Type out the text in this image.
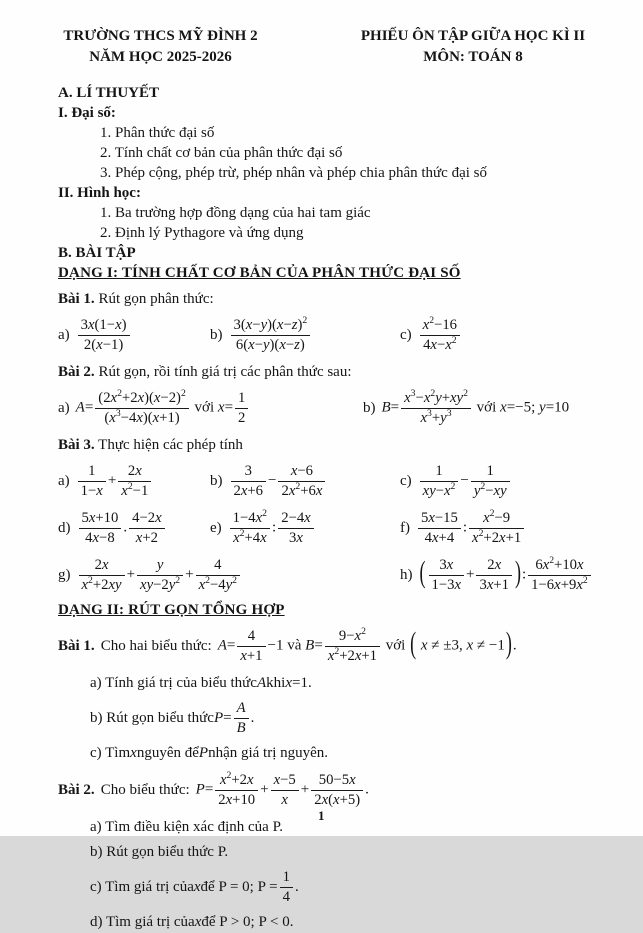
TRƯỜNG THCS MỸ ĐÌNH 2
NĂM HỌC 2025-2026
PHIẾU ÔN TẬP GIỮA HỌC KÌ II
MÔN: TOÁN 8
A. LÍ THUYẾT
I. Đại số:
1. Phân thức đại số
2. Tính chất cơ bản của phân thức đại số
3. Phép cộng, phép trừ, phép nhân và phép chia phân thức đại số
II. Hình học:
1. Ba trường hợp đồng dạng của hai tam giác
2. Định lý Pythagore và ứng dụng
B. BÀI TẬP
DẠNG I: TÍNH CHẤT CƠ BẢN CỦA PHÂN THỨC ĐẠI SỐ
Bài 1. Rút gọn phân thức:
$a) \frac{3x(1-x)}{2(x-1)}$	$b) \frac{3(x-y)(x-z)^2}{6(x-y)(x-z)}$	$c) \frac{x^2-16}{4x-x^2}$
Bài 2. Rút gọn, rồi tính giá trị các phân thức sau:
a) $A= \frac{(2x^2+2x)(x-2)^2}{(x^3-4x)(x+1)}$ với $x= \frac{1}{2}$	b) $B= \frac{x^3-x^2y+xy^2}{x^3+y^3}$ với x=−5; y=10
Bài 3. Thực hiện các phép tính
$a) \frac{1}{1-x} + \frac{2x}{x^2-1}$	$b) \frac{3}{2x+6} - \frac{x-6}{2x^2+6x}$	$c) \frac{1}{xy-x^2} - \frac{1}{y^2-xy}$
$d) \frac{5x+10}{4x-8}$ . $\frac{4-2x}{x+2}$	$e) \frac{1-4x^2}{x^2+4x}$ : $\frac{2-4x}{3x}$	$f) \frac{5x-15}{4x+4}$ : $\frac{x^2-9}{x^2+2x+1}$
$g) \frac{2x}{x^2+2xy} + \frac{y}{xy-2y^2} + \frac{4}{x^2-4y^2}$	h) ( $\frac{3x}{1-3x} + \frac{2x}{3x+1}$ ): $\frac{6x^2+10x}{1-6x+9x^2}$
DẠNG II: RÚT GỌN TỔNG HỢP
Bài 1. Cho hai biểu thức: $A= \frac{4}{x+1} -1$ và $B= \frac{9-x^2}{x^2+2x+1}$ với ( x ≠ ±3, x ≠ −1).
a) Tính giá trị của biểu thức A khi x =1.
b) Rút gọn biểu thức $P = \frac{A}{B}$ .
c) Tìm x nguyên để P nhận giá trị nguyên.
Bài 2. Cho biểu thức: $P= \frac{x^2+2x}{2x+10} + \frac{x-5}{x} + \frac{50-5x}{2x(x+5)}$ .
a) Tìm điều kiện xác định của P.
b) Rút gọn biểu thức P.
c) Tìm giá trị của x để P = 0; $P = \frac{1}{4}$ .
d) Tìm giá trị của x để P > 0; P < 0.
1
